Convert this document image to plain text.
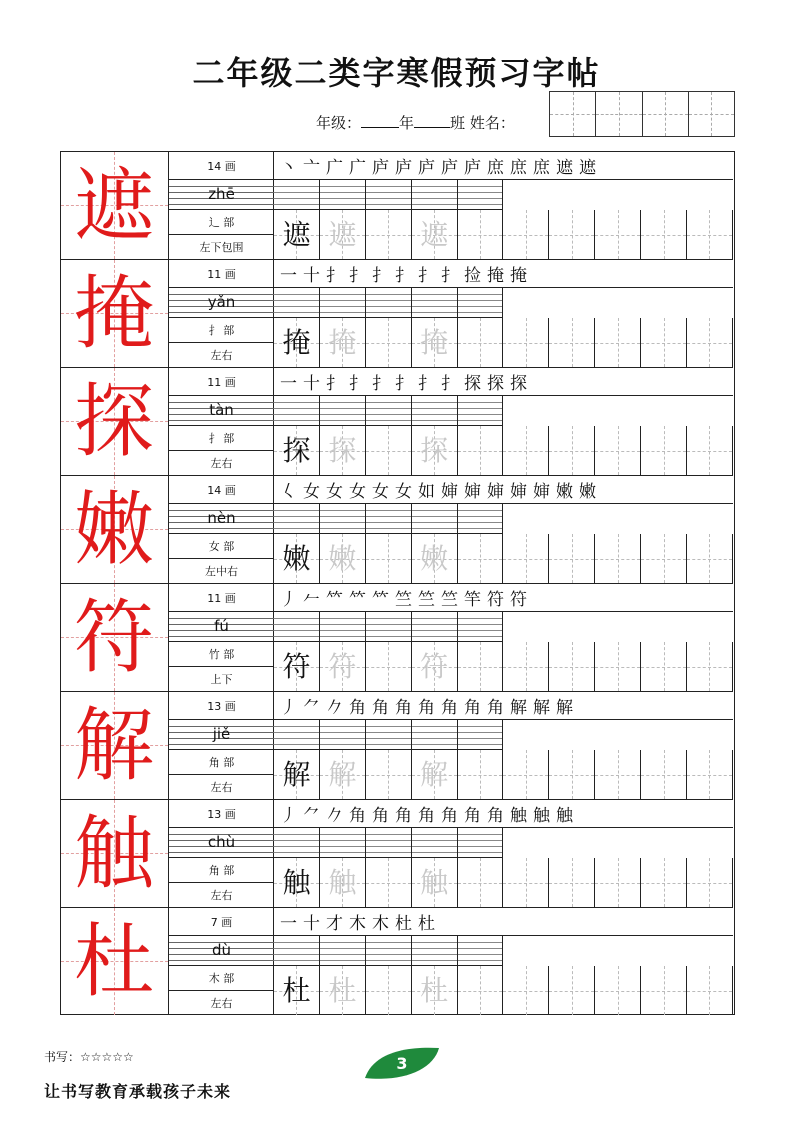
二年级二类字寒假预习字帖
年级：	年 班 姓名：
遮	14 画
zhē
辶 部
左下包围
丶 亠 广 广 庐 庐 庐 庐 庐 庶 庶 庶 遮 遮
遮 遮	遮
掩	11 画
yǎn
扌 部
左右
一 十 扌 扌 扌 扌 扌 扌 捡 掩 掩
掩 掩	掩
探	11 画
tàn
扌 部
左右
一 十 扌 扌 扌 扌 扌 扌 探 探 探
探 探	探
嫩	14 画
nèn
女 部
左中右
𡿨 女 女 女 女 女 如 婶 婶 婶 婶 婶 嫩 嫩
嫩 嫩	嫩
符	11 画
fú
竹 部
上下
丿 𠂉 𥫗 𥫗 𥫗 竺 竺 竺 竿 符 符
符 符	符
解	13 画
jiě
角 部
左右
丿 ⺈ 𠂊 角 角 角 角 角 角 角 解 解 解
解 解	解
触	13 画
chù
角 部
左右
丿 ⺈ 𠂊 角 角 角 角 角 角 角 触 触 触
触 触	触
杜	7 画
dù
木 部
左右
一 十 才 木 木 杜 杜
杜 杜	杜
书写：☆☆☆☆☆	3
让书写教育承载孩子未来
